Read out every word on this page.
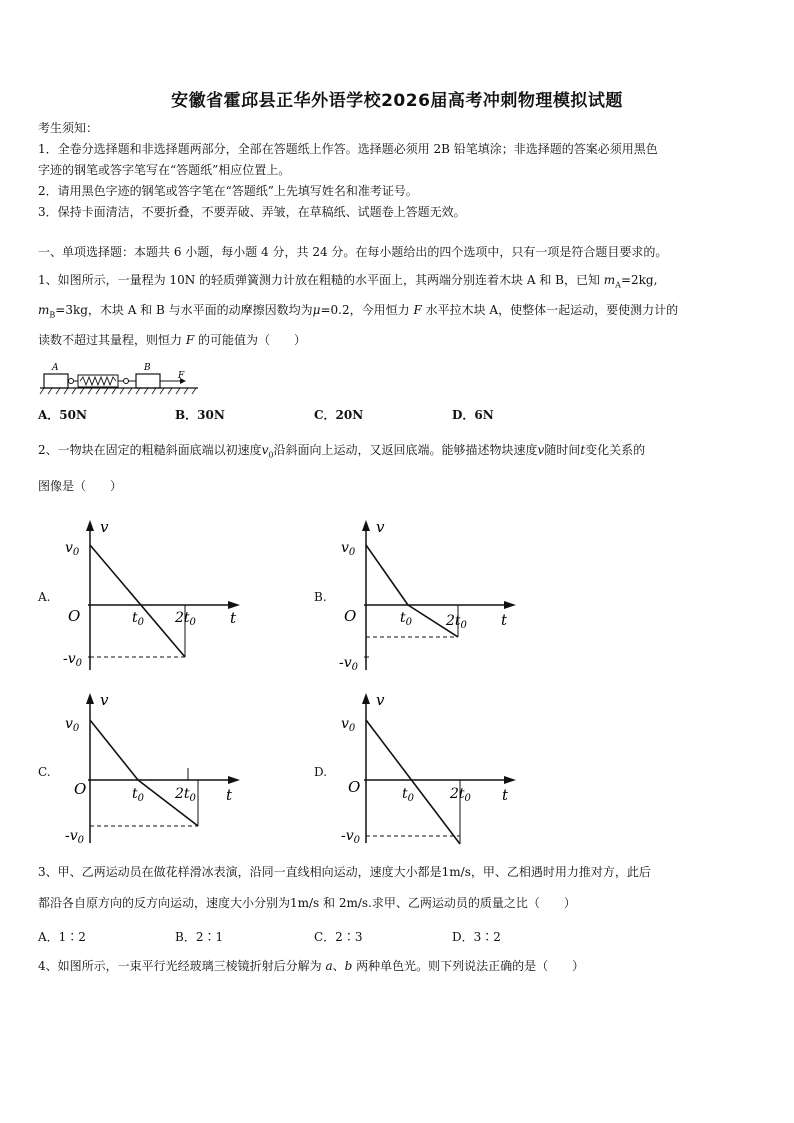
安徽省霍邱县正华外语学校2026届高考冲刺物理模拟试题
考生须知：
1．全卷分选择题和非选择题两部分，全部在答题纸上作答。选择题必须用 2B 铅笔填涂；非选择题的答案必须用黑色
字迹的钢笔或答字笔写在“答题纸”相应位置上。
2．请用黑色字迹的钢笔或答字笔在“答题纸”上先填写姓名和准考证号。
3．保持卡面清洁，不要折叠，不要弄破、弄皱，在草稿纸、试题卷上答题无效。
一、单项选择题：本题共 6 小题，每小题 4 分，共 24 分。在每小题给出的四个选项中，只有一项是符合题目要求的。
1、如图所示，一量程为 10N 的轻质弹簧测力计放在粗糙的水平面上，其两端分别连着木块 A 和 B，已知 $m_A=2kg$,
$m_B=3kg$，木块 A 和 B 与水平面的动摩擦因数均为μ=0.2，今用恒力 F 水平拉木块 A，使整体一起运动，要使测力计的
读数不超过其量程，则恒力 F 的可能值为（　　）
A	B
F
A．50N	B．30N	C．20N	D．6N
2、一物块在固定的粗糙斜面底端以初速度$v_0$沿斜面向上运动，又返回底端。能够描述物块速度v随时间t变化关系的
图像是（　　）
A.
v
t
O
$v_0$
$-v_0$
$t_0$ $2t_0$
B.
v
t
O
$v_0$
$-v_0$
$t_0$ $2t_0$
C.
v
t
O
$v_0$
$-v_0$
$t_0$ $2t_0$
D.
v
t
O
$v_0$
$-v_0$
$t_0$	$2t_0$
3、甲、乙两运动员在做花样滑冰表演，沿同一直线相向运动，速度大小都是1m/s，甲、乙相遇时用力推对方，此后
都沿各自原方向的反方向运动，速度大小分别为1m/s 和 2m/s.求甲、乙两运动员的质量之比（　　）
A．1∶2	B．2∶1	C．2∶3	D．3∶2
4、如图所示，一束平行光经玻璃三棱镜折射后分解为 a、b 两种单色光。则下列说法正确的是（　　）
